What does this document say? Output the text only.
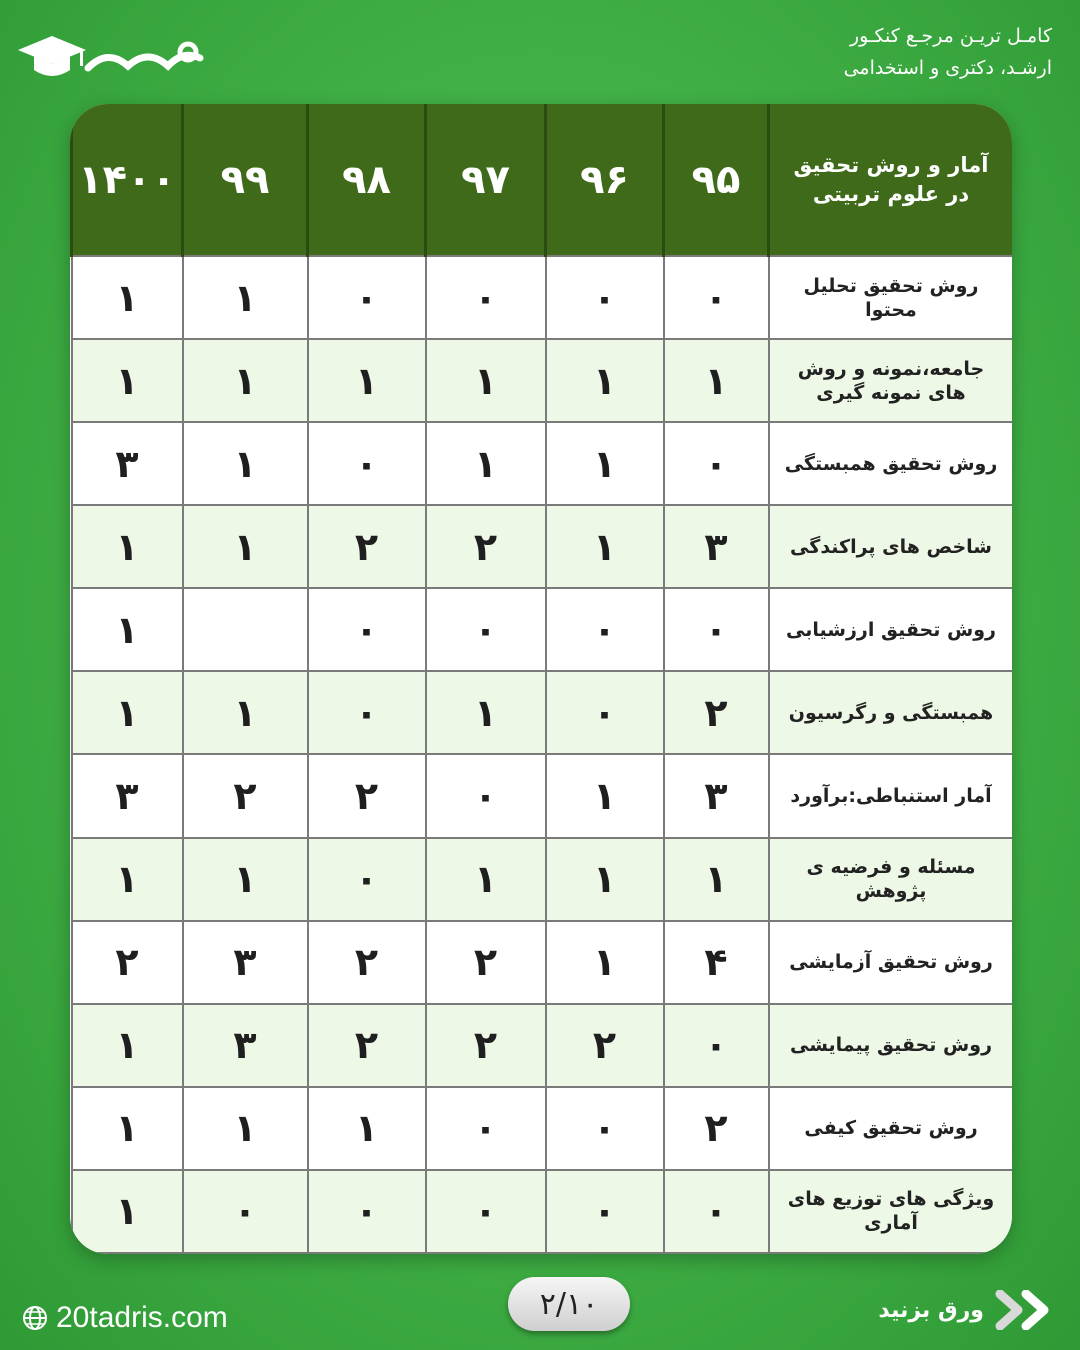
کامـل تریـن مرجـع کنکـور
ارشـد، دکتری و استخدامی
آمار و روش تحقیق در علوم تربیتی	۹۵	۹۶	۹۷	۹۸	۹۹	۱۴۰۰
روش تحقیق تحلیل محتوا	۰	۰	۰	۰	۱	۱
جامعه،نمونه و روش های نمونه گیری	۱	۱	۱	۱	۱	۱
روش تحقیق همبستگی	۰	۱	۱	۰	۱	۳
شاخص های پراکندگی	۳	۱	۲	۲	۱	۱
روش تحقیق ارزشیابی	۰	۰	۰	۰		۱
همبستگی و رگرسیون	۲	۰	۱	۰	۱	۱
آمار استنباطی:برآورد	۳	۱	۰	۲	۲	۳
مسئله و فرضیه ی پژوهش	۱	۱	۱	۰	۱	۱
روش تحقیق آزمایشی	۴	۱	۲	۲	۳	۲
روش تحقیق پیمایشی	۰	۲	۲	۲	۳	۱
روش تحقیق کیفی	۲	۰	۰	۱	۱	۱
ویژگی های توزیع های آماری	۰	۰	۰	۰	۰	۱
20tadris.com	۲/۱۰	ورق بزنید
